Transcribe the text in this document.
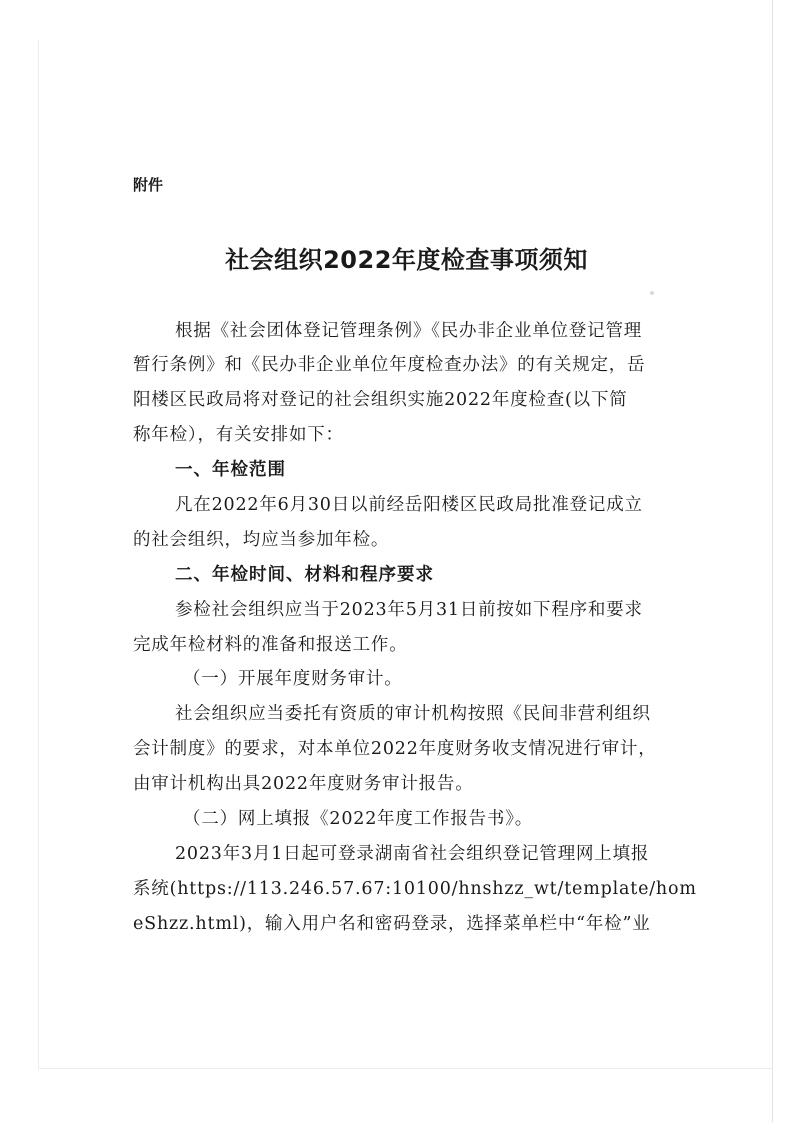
附件
社会组织2022年度检查事项须知
根据《社会团体登记管理条例》《民办非企业单位登记管理
暂行条例》和《民办非企业单位年度检查办法》的有关规定，岳
阳楼区民政局将对登记的社会组织实施2022年度检查(以下简
称年检），有关安排如下：
一、年检范围
凡在2022年6月30日以前经岳阳楼区民政局批准登记成立
的社会组织，均应当参加年检。
二、年检时间、材料和程序要求
参检社会组织应当于2023年5月31日前按如下程序和要求
完成年检材料的准备和报送工作。
（一）开展年度财务审计。
社会组织应当委托有资质的审计机构按照《民间非营利组织
会计制度》的要求，对本单位2022年度财务收支情况进行审计，
由审计机构出具2022年度财务审计报告。
（二）网上填报《2022年度工作报告书》。
2023年3月1日起可登录湖南省社会组织登记管理网上填报
系统(https://113.246.57.67:10100/hnshzz_wt/template/hom
eShzz.html)，输入用户名和密码登录，选择菜单栏中“年检”业
